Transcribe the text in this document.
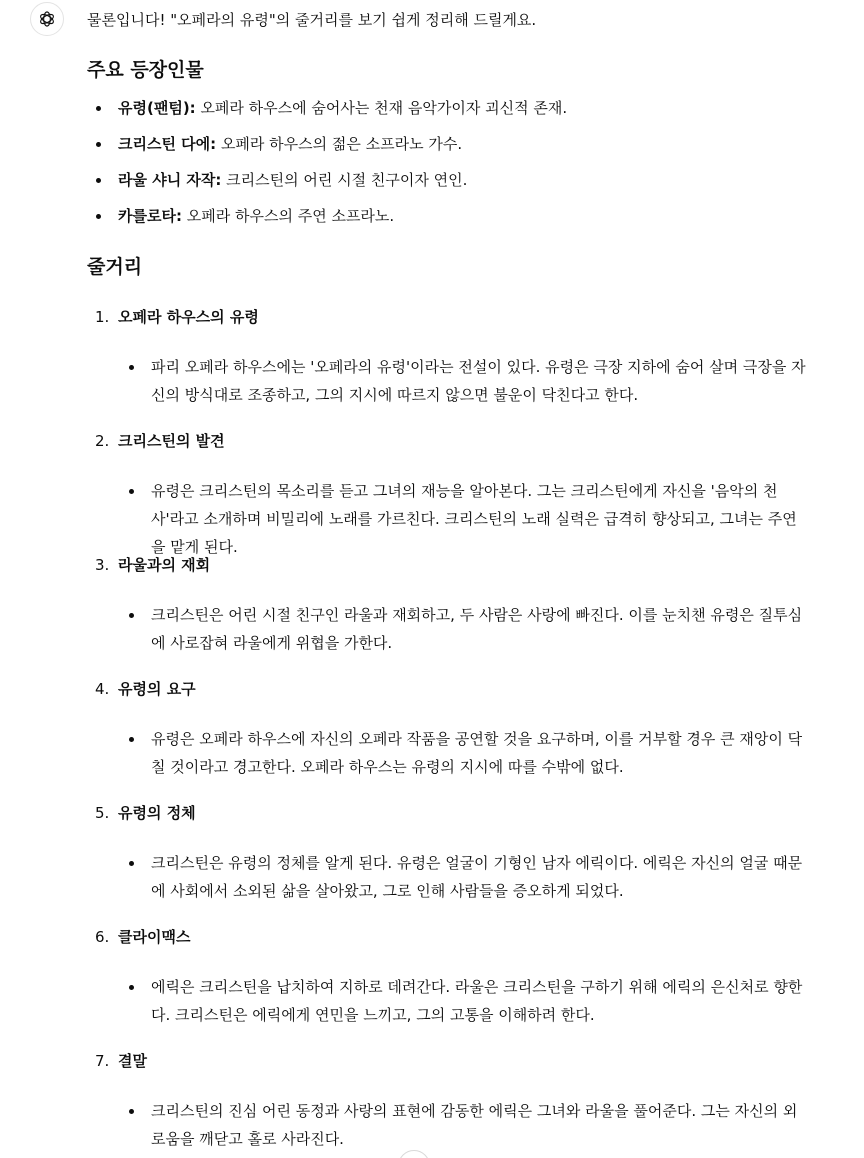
물론입니다! "오페라의 유령"의 줄거리를 보기 쉽게 정리해 드릴게요.

주요 등장인물
유령(팬텀): 오페라 하우스에 숨어사는 천재 음악가이자 괴신적 존재.
크리스틴 다에: 오페라 하우스의 젊은 소프라노 가수.
라울 샤니 자작: 크리스틴의 어린 시절 친구이자 연인.
카를로타: 오페라 하우스의 주연 소프라노.
줄거리
1. 오페라 하우스의 유령

파리 오페라 하우스에는 '오페라의 유령'이라는 전설이 있다. 유령은 극장 지하에 숨어 살며 극장을 자신의 방식대로 조종하고, 그의 지시에 따르지 않으면 불운이 닥친다고 한다.

2. 크리스틴의 발견

유령은 크리스틴의 목소리를 듣고 그녀의 재능을 알아본다. 그는 크리스틴에게 자신을 '음악의 천사'라고 소개하며 비밀리에 노래를 가르친다. 크리스틴의 노래 실력은 급격히 향상되고, 그녀는 주연을 맡게 된다.

3. 라울과의 재회

크리스틴은 어린 시절 친구인 라울과 재회하고, 두 사람은 사랑에 빠진다. 이를 눈치챈 유령은 질투심에 사로잡혀 라울에게 위협을 가한다.

4. 유령의 요구

유령은 오페라 하우스에 자신의 오페라 작품을 공연할 것을 요구하며, 이를 거부할 경우 큰 재앙이 닥칠 것이라고 경고한다. 오페라 하우스는 유령의 지시에 따를 수밖에 없다.

5. 유령의 정체

크리스틴은 유령의 정체를 알게 된다. 유령은 얼굴이 기형인 남자 에릭이다. 에릭은 자신의 얼굴 때문에 사회에서 소외된 삶을 살아왔고, 그로 인해 사람들을 증오하게 되었다.

6. 클라이맥스

에릭은 크리스틴을 납치하여 지하로 데려간다. 라울은 크리스틴을 구하기 위해 에릭의 은신처로 향한다. 크리스틴은 에릭에게 연민을 느끼고, 그의 고통을 이해하려 한다.

7. 결말

크리스틴의 진심 어린 동정과 사랑의 표현에 감동한 에릭은 그녀와 라울을 풀어준다. 그는 자신의 외로움을 깨닫고 홀로 사라진다.
